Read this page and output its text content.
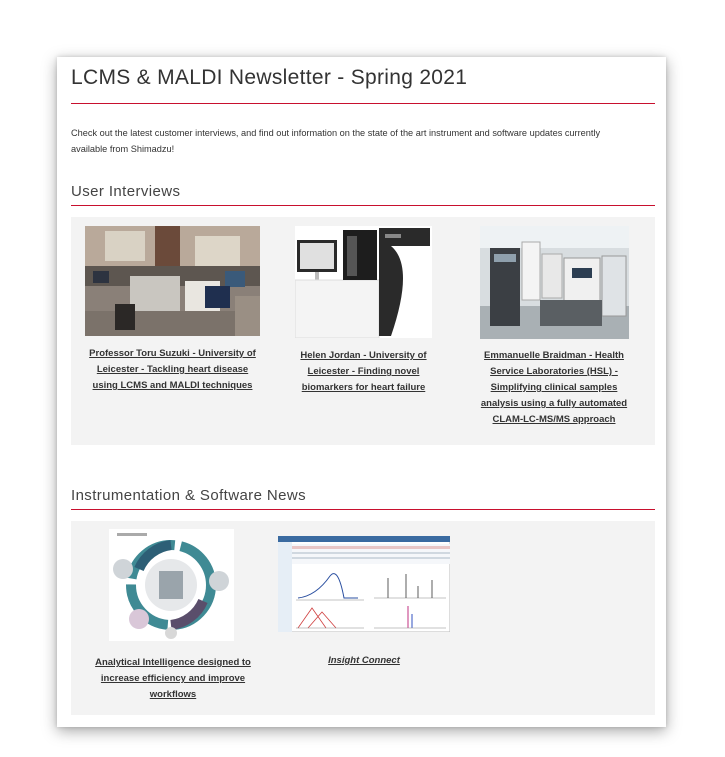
LCMS & MALDI Newsletter - Spring 2021

Check out the latest customer interviews, and find out information on the state of the art instrument and software updates currently available from Shimadzu!

User Interviews
Professor Toru Suzuki - University of Leicester - Tackling heart disease using LCMS and MALDI techniques
Helen Jordan - University of Leicester - Finding novel biomarkers for heart failure
Emmanuelle Braidman - Health Service Laboratories (HSL) - Simplifying clinical samples analysis using a fully automated CLAM-LC-MS/MS approach
Instrumentation & Software News
Analytical Intelligence designed to increase efficiency and improve workflows
Insight Connect
